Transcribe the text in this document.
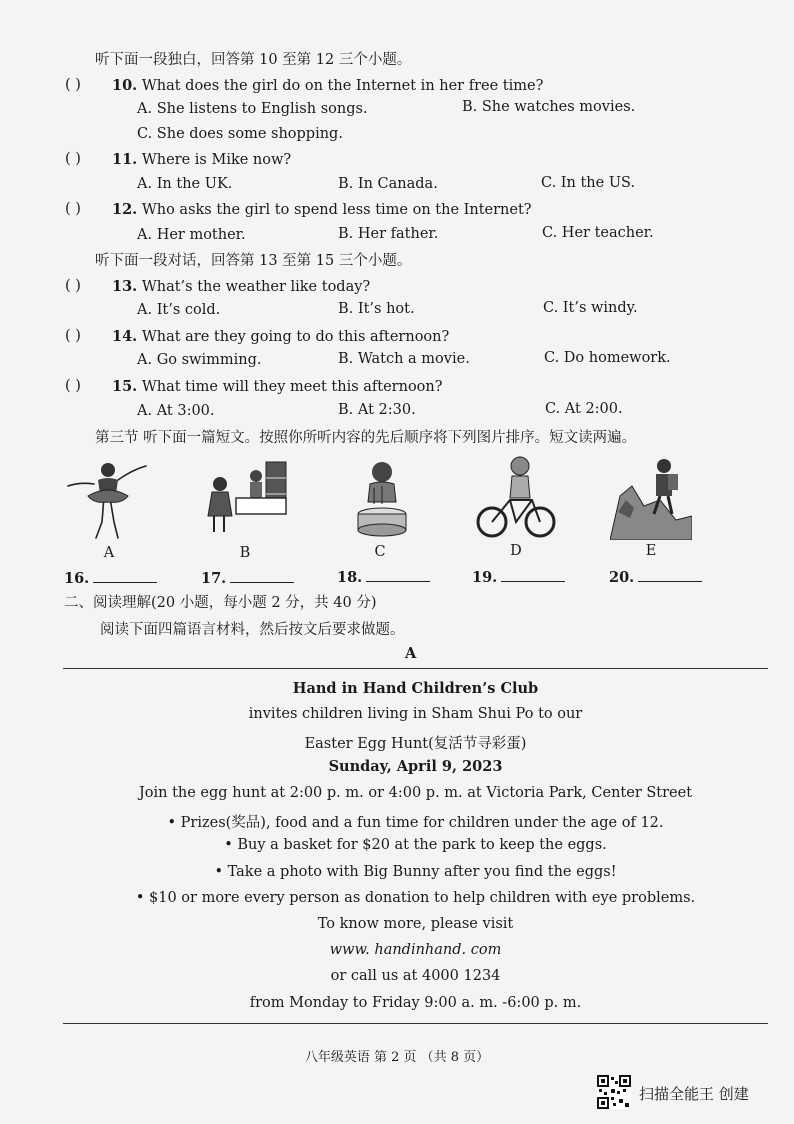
听下面一段独白，回答第 10 至第 12 三个小题。
( ) 10. What does the girl do on the Internet in her free time?
A. She listens to English songs.	B. She watches movies.
C. She does some shopping.
( ) 11. Where is Mike now?
A. In the UK.	B. In Canada.	C. In the US.
( ) 12. Who asks the girl to spend less time on the Internet?
A. Her mother.	B. Her father.	C. Her teacher.
听下面一段对话，回答第 13 至第 15 三个小题。
( ) 13. What’s the weather like today?
A. It’s cold.	B. It’s hot.	C. It’s windy.
( ) 14. What are they going to do this afternoon?
A. Go swimming.	B. Watch a movie.	C. Do homework.
( ) 15. What time will they meet this afternoon?
A. At 3:00.	B. At 2:30.	C. At 2:00.
第三节 听下面一篇短文。按照你所听内容的先后顺序将下列图片排序。短文读两遍。
A	B	C	D	E
16.	17.	18.	19.	20.
二、阅读理解(20 小题，每小题 2 分，共 40 分)
阅读下面四篇语言材料，然后按文后要求做题。
A
Hand in Hand Children’s Club
invites children living in Sham Shui Po to our
Easter Egg Hunt(复活节寻彩蛋)
Sunday, April 9, 2023
Join the egg hunt at 2:00 p. m. or 4:00 p. m. at Victoria Park, Center Street
• Prizes(奖品), food and a fun time for children under the age of 12.
• Buy a basket for $20 at the park to keep the eggs.
• Take a photo with Big Bunny after you find the eggs!
• $10 or more every person as donation to help children with eye problems.
To know more, please visit
www. handinhand. com
or call us at 4000 1234
from Monday to Friday 9:00 a. m. -6:00 p. m.
八年级英语 第 2 页 （共 8 页）
扫描全能王 创建
